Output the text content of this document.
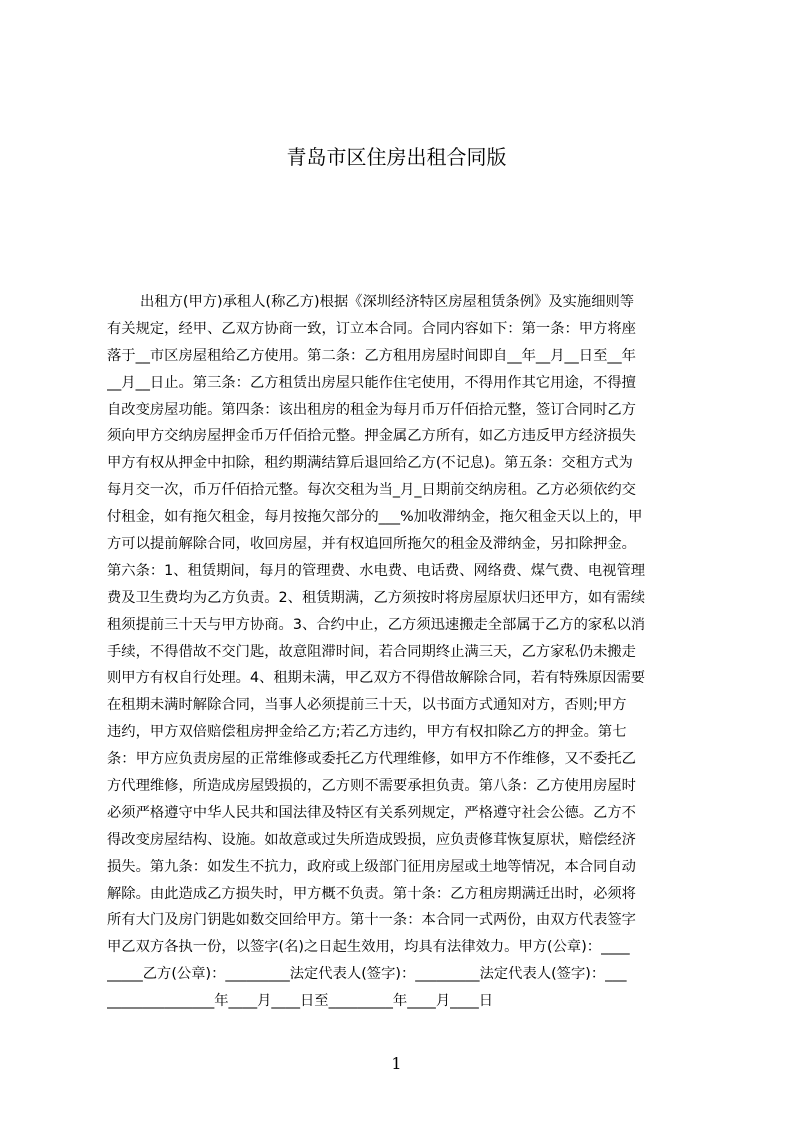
青岛市区住房出租合同版
出租方(甲方)承租人(称乙方)根据《深圳经济特区房屋租赁条例》及实施细则等
有关规定，经甲、乙双方协商一致，订立本合同。合同内容如下：第一条：甲方将座
落于__市区房屋租给乙方使用。第二条：乙方租用房屋时间即自__年__月__日至__年
__月__日止。第三条：乙方租赁出房屋只能作住宅使用，不得用作其它用途，不得擅
自改变房屋功能。第四条：该出租房的租金为每月币万仟佰拾元整，签订合同时乙方
须向甲方交纳房屋押金币万仟佰拾元整。押金属乙方所有，如乙方违反甲方经济损失
甲方有权从押金中扣除，租约期满结算后退回给乙方(不记息)。第五条：交租方式为
每月交一次，币万仟佰拾元整。每次交租为当_月_日期前交纳房租。乙方必须依约交
付租金，如有拖欠租金，每月按拖欠部分的___%加收滞纳金，拖欠租金天以上的，甲
方可以提前解除合同，收回房屋，并有权追回所拖欠的租金及滞纳金，另扣除押金。
第六条：1、租赁期间，每月的管理费、水电费、电话费、网络费、煤气费、电视管理
费及卫生费均为乙方负责。2、租赁期满，乙方须按时将房屋原状归还甲方，如有需续
租须提前三十天与甲方协商。3、合约中止，乙方须迅速搬走全部属于乙方的家私以消
手续，不得借故不交门匙，故意阻滞时间，若合同期终止满三天，乙方家私仍未搬走
则甲方有权自行处理。4、租期未满，甲乙双方不得借故解除合同，若有特殊原因需要
在租期未满时解除合同，当事人必须提前三十天，以书面方式通知对方，否则;甲方
违约，甲方双倍赔偿租房押金给乙方;若乙方违约，甲方有权扣除乙方的押金。第七
条：甲方应负责房屋的正常维修或委托乙方代理维修，如甲方不作维修，又不委托乙
方代理维修，所造成房屋毁损的，乙方则不需要承担负责。第八条：乙方使用房屋时
必须严格遵守中华人民共和国法律及特区有关系列规定，严格遵守社会公德。乙方不
得改变房屋结构、设施。如故意或过失所造成毁损，应负责修茸恢复原状，赔偿经济
损失。第九条：如发生不抗力，政府或上级部门征用房屋或土地等情况，本合同自动
解除。由此造成乙方损失时，甲方概不负责。第十条：乙方租房期满迁出时，必须将
所有大门及房门钥匙如数交回给甲方。第十一条：本合同一式两份，由双方代表签字
甲乙双方各执一份，以签字(名)之日起生效用，均具有法律效力。甲方(公章)：____
_____乙方(公章)：_________法定代表人(签字)：_________法定代表人(签字)：___
_______________年____月____日至_________年____月____日
1
